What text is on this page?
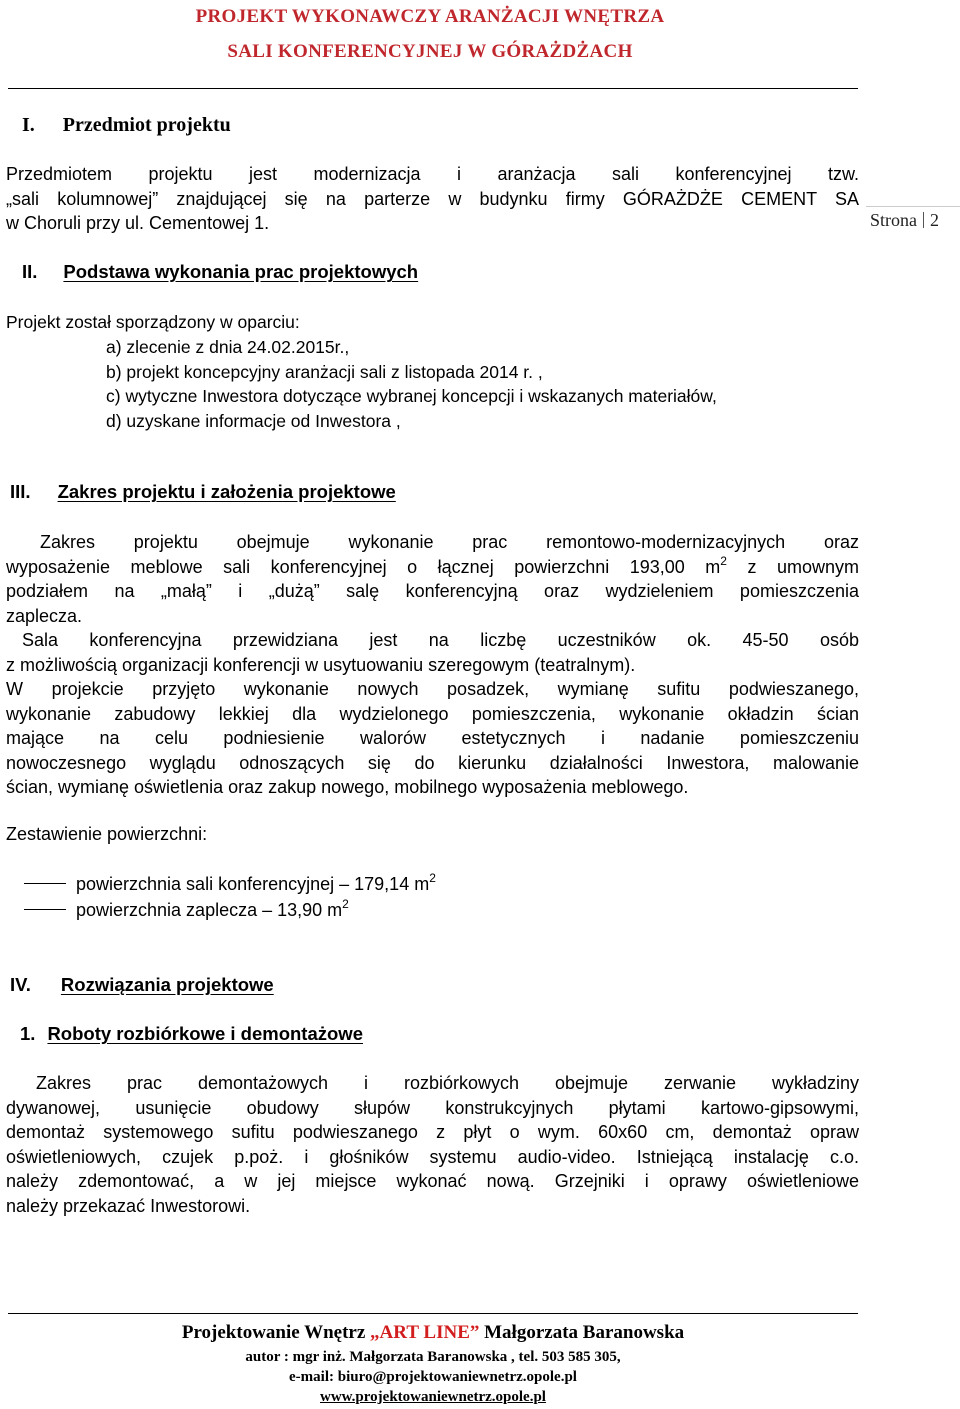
PROJEKT WYKONAWCZY ARANŻACJI WNĘTRZA
SALI KONFERENCYJNEJ W GÓRAŻDŻACH
Strona 2
I. Przedmiot projektu
Przedmiotem projektu jest modernizacja i aranżacja sali konferencyjnej tzw.
„sali kolumnowej” znajdującej się na parterze w budynku firmy GÓRAŻDŻE CEMENT SA
w Choruli przy ul. Cementowej 1.
II. Podstawa wykonania prac projektowych
Projekt został sporządzony w oparciu:
a) zlecenie z dnia 24.02.2015r.,
b) projekt koncepcyjny aranżacji sali z listopada 2014 r. ,
c) wytyczne Inwestora dotyczące wybranej koncepcji i wskazanych materiałów,
d) uzyskane informacje od Inwestora ,
III. Zakres projektu i założenia projektowe
Zakres projektu obejmuje wykonanie prac remontowo-modernizacyjnych oraz
wyposażenie meblowe sali konferencyjnej o łącznej powierzchni 193,00 $m^2$ z umownym
podziałem na „małą” i „dużą” salę konferencyjną oraz wydzieleniem pomieszczenia
zaplecza.
Sala konferencyjna przewidziana jest na liczbę uczestników ok. 45-50 osób
z możliwością organizacji konferencji w usytuowaniu szeregowym (teatralnym).
W projekcie przyjęto wykonanie nowych posadzek, wymianę sufitu podwieszanego,
wykonanie zabudowy lekkiej dla wydzielonego pomieszczenia, wykonanie okładzin ścian
mające na celu podniesienie walorów estetycznych i nadanie pomieszczeniu
nowoczesnego wyglądu odnoszących się do kierunku działalności Inwestora, malowanie
ścian, wymianę oświetlenia oraz zakup nowego, mobilnego wyposażenia meblowego.
Zestawienie powierzchni:
powierzchnia sali konferencyjnej – 179,14 $m^2$
powierzchnia zaplecza – 13,90 $m^2$
IV. Rozwiązania projektowe
1. Roboty rozbiórkowe i demontażowe
Zakres prac demontażowych i rozbiórkowych obejmuje zerwanie wykładziny
dywanowej, usunięcie obudowy słupów konstrukcyjnych płytami kartowo-gipsowymi,
demontaż systemowego sufitu podwieszanego z płyt o wym. 60x60 cm, demontaż opraw
oświetleniowych, czujek p.poż. i głośników systemu audio-video. Istniejącą instalację c.o.
należy zdemontować, a w jej miejsce wykonać nową. Grzejniki i oprawy oświetleniowe
należy przekazać Inwestorowi.
Projektowanie Wnętrz „ART LINE” Małgorzata Baranowska
autor : mgr inż. Małgorzata Baranowska , tel. 503 585 305,
e-mail: biuro@projektowaniewnetrz.opole.pl
www.projektowaniewnetrz.opole.pl
